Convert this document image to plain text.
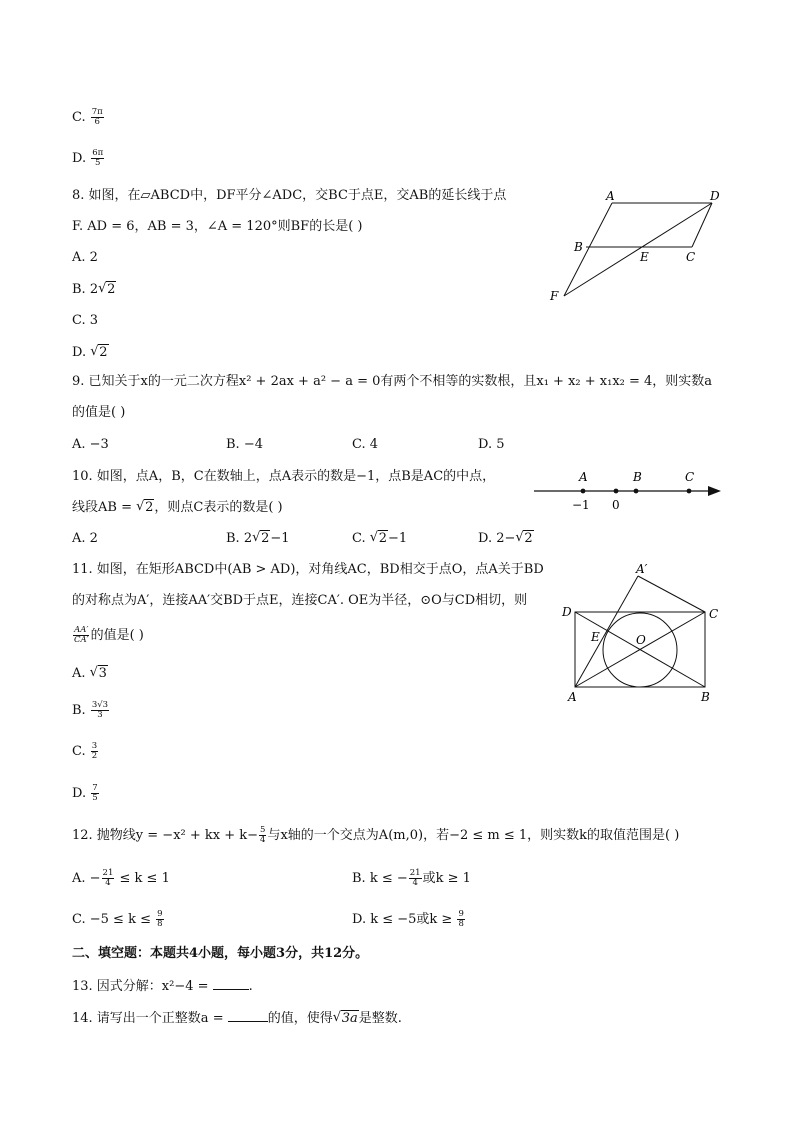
C. $\frac{7\pi}{6}$
D. $\frac{6\pi}{5}$
8. 如图，在▱ABCD中，DF平分∠ADC，交BC于点E，交AB的延长线于点
F. AD = 6，AB = 3，∠A = 120°则BF的长是( )
A. 2
B. 2 √ 2
C. 3
D. √ 2
A	D
B
E	C
F
9. 已知关于x的一元二次方程x² + 2ax + a² − a = 0有两个不相等的实数根，且x₁ + x₂ + x₁x₂ = 4，则实数a
的值是( )
A. −3	B. −4	C. 4	D. 5
10. 如图，点A，B，C在数轴上，点A表示的数是−1，点B是AC的中点，
线段AB = √ 2，则点C表示的数是( )
A. 2	B. 2 √ 2−1	C. √ 2−1	D. 2− √ 2
A	B	C
−1 0
11. 如图，在矩形ABCD中(AB > AD)，对角线AC，BD相交于点O，点A关于BD
的对称点为A′，连接AA′交BD于点E，连接CA′. OE为半径，⊙O与CD相切，则
$\frac{AA'}{CA'}$ 的值是( )
A. √ 3
B. $\frac{3√3}{3}$
C. $\frac{3}{2}$
D. $\frac{7}{5}$
A′
D	C
E	O
A	B
12. 抛物线y = −x² + kx + $k- \frac{5}{4}$ 与x轴的一个交点为A(m,0)，若−2 ≤ m ≤ 1，则实数k的取值范围是( )
A. − $\frac{21}{4} \le k \le 1$	B. k ≤ − $\frac{21}{4}$ 或k ≥ 1
C. $-5 \le k \le \frac{9}{8}$	D. k ≤ −5或$k \ge \frac{9}{8}$
二、填空题：本题共4小题，每小题3分，共12分。
13. 因式分解：x²−4 =	.
14. 请写出一个正整数a =	的值，使得 √ 3a是整数.
